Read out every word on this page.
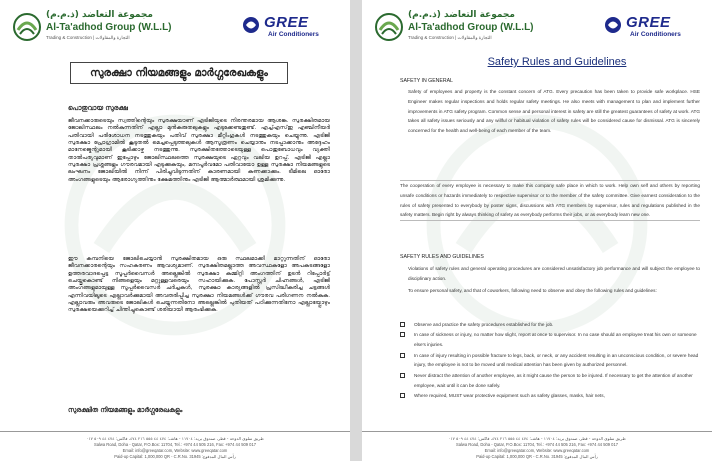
مجموعة التعاضد (ذ.م.م)
Al-Ta'adhod Group (W.L.L)
Trading & Construction | التجارة والمقاولات
GREE
Air Conditioners
സുരക്ഷാ നിയമങ്ങളും മാർഗ്ഗരേഖകളും
പൊതുവായ സുരക്ഷ

ജീവനക്കാരുടെയും സ്വത്തിന്റെയും സുരക്ഷയാണ് എടിജിയുടെ നിരന്തരമായ ആശങ്ക. സുരക്ഷിതമായ ജോലിസ്ഥലം നൽകുന്നതിന് എല്ലാ മുൻകരുതലുകളും എടുക്കേണ്ടതുണ്ട്. എച്ച്എസ്ഇ എഞ്ചിനീയർ പതിവായി പരിശോധന നടത്തുകയും പതിവ് സുരക്ഷാ മീറ്റിംഗുകൾ നടത്തുകയും ചെയ്യുന്നു. എടിജി സുരക്ഷാ പ്രോഗ്രാമിൽ കൂടുതൽ മെച്ചപ്പെടുത്തലുകൾ ആസൂത്രണം ചെയ്യാനും നടപ്പാക്കാനും അദ്ദേഹം മാനേജ്മെന്റുമായി കൂടിക്കാഴ്ച നടത്തുന്നു. സുരക്ഷിതത്തോടെയുള്ള പൊതുബോധവും വ്യക്തി താൽപര്യവുമാണ് ഇപ്പോഴും ജോലിസ്ഥലത്തെ സുരക്ഷയുടെ ഏറ്റവും വലിയ ഉറപ്പ്. എടിജി എല്ലാ സുരക്ഷാ പ്രശ്നങ്ങളും ഗൗരവമായി എടുക്കുകയും, മനഃപൂർവമോ പതിവായോ ഉള്ള സുരക്ഷാ നിയമങ്ങളുടെ ലംഘനം ജോലിയിൽ നിന്ന് പിരിച്ചുവിടുന്നതിന് കാരണമായി കണക്കാക്കും. ടീമിലെ ഓരോ അംഗങ്ങളുടെയും ആരോഗ്യത്തിനും ക്ഷേമത്തിനും എടിജി ആത്മാർത്ഥമായി ശ്രമിക്കുന്നു.

ഈ കമ്പനിയെ ജോലിചെയ്യാൻ സുരക്ഷിതമായ ഒരു സ്ഥലമാക്കി മാറ്റുന്നതിന് ഓരോ ജീവനക്കാരന്റെയും സഹകരണം ആവശ്യമാണ്. സുരക്ഷിതമല്ലാത്ത അവസ്ഥകളോ അപകടങ്ങളോ ഉത്തരവാദപ്പെട്ട സൂപ്പർവൈസർ അല്ലെങ്കിൽ സുരക്ഷാ കമ്മിറ്റി അംഗത്തിന് ഉടൻ റിപ്പോർട്ട് ചെയ്തുകൊണ്ട് നിങ്ങളെയും മറ്റുള്ളവരെയും സഹായിക്കുക. പോസ്റ്റർ ചിഹ്നങ്ങൾ, എടിജി അംഗങ്ങളുമായുള്ള സൂപ്പർവൈസർ ചർച്ചകൾ, സുരക്ഷാ കാര്യങ്ങളിൽ പ്രസിദ്ധീകരിച്ച ചട്ടങ്ങൾ എന്നിവയിലൂടെ എല്ലാവർക്കുമായി അവതരിപ്പിച്ച സുരക്ഷാ നിയമങ്ങൾക്ക് ഗൗരവ പരിഗണന നൽകുക. എല്ലാവരും അവരുടെ ജോലികൾ ചെയ്യുന്നതിനോ അല്ലെങ്കിൽ പുതിയത് പഠിക്കുന്നതിനോ എല്ലായ്പ്പോഴും സുരക്ഷയെക്കുറിച്ച് ചിന്തിച്ചുകൊണ്ട് ശരിയായി ആരംഭിക്കുക.

സുരക്ഷിത നിയമങ്ങളും മാർഗ്ഗരേഖകളും
طريق سلوى الدوحة - قطر، صندوق بريد: ١١٧٠٤ - هاتف: ٤٧٤ ٤٤ ٥٥٥ ٢١٦ ٤٧٤، فاكس: ٤٧٤ ٤٤ ٥٠٩ ٠١٧
Salwa Road, Doha - Qatar, P.O.Box: 11704, Tel.: +974 44 505 216, Fax: +974 44 509 017
Email: info@greeqatar.com, Website: www.greeqatar.com
Paid-up Capital: 1,000,000 QR - C.R.No. 31945 :رأس المال المدفوع
مجموعة التعاضد (ذ.م.م)
Al-Ta'adhod Group (W.L.L)
Trading & Construction | التجارة والمقاولات
GREE
Air Conditioners
Safety Rules and Guidelines
SAFETY IN GENERAL

Safety of employees and property is the constant concern of ATG. Every precaution has been taken to provide safe workplace. HSE Engineer makes regular inspections and holds regular safety meetings. He also meets with management to plan and implement further improvements in ATG safety program. Common sense and personal interest in safety are still the greatest guarantees of safety at work. ATG takes all safety issues seriously and any willful or habitual violation of safety rules will be considered cause for dismissal. ATG is sincerely concerned for the health and well-being of each member of the team.

The cooperation of every employee is necessary to make this company safe place in which to work. Help own self and others by reporting unsafe conditions or hazards immediately to respective supervisor or to the member of the safety committee. Give earnest consideration to the rules of safety presented to everybody by poster signs, discussions with ATG members by supervisor, rules and regulations published in the safety matters. Begin right by always thinking of safety as everybody performs their jobs, or as everybody learn new one.

SAFETY RULES AND GUIDELINES

Violations of safety rules and general operating procedures are considered unsatisfactory job performance and will subject the employee to disciplinary action.

To ensure personal safety, and that of coworkers, following need to observe and obey the following rules and guidelines:

Observe and practice the safety procedures established for the job.
In case of sickness or injury, no matter how slight, report at once to supervisor. In no case should an employee treat his own or someone else's injuries.
In case of injury resulting in possible fracture to legs, back, or neck, or any accident resulting in an unconscious condition, or severe head injury, the employee is not to be moved until medical attention has been given by authorized personnel.
Never distract the attention of another employee, as it might cause the person to be injured. If necessary to get the attention of another employee, wait until it can be done safely.
Where required, MUST wear protective equipment such as safety glasses, masks, hair nets,
طريق سلوى الدوحة - قطر، صندوق بريد: ١١٧٠٤ - هاتف: ٤٧٤ ٤٤ ٥٥٥ ٢١٦ ٤٧٤، فاكس: ٤٧٤ ٤٤ ٥٠٩ ٠١٧
Salwa Road, Doha - Qatar, P.O.Box: 11704, Tel.: +974 44 505 216, Fax: +974 44 509 017
Email: info@greeqatar.com, Website: www.greeqatar.com
Paid-up Capital: 1,000,000 QR - C.R.No. 31945 :رأس المال المدفوع
